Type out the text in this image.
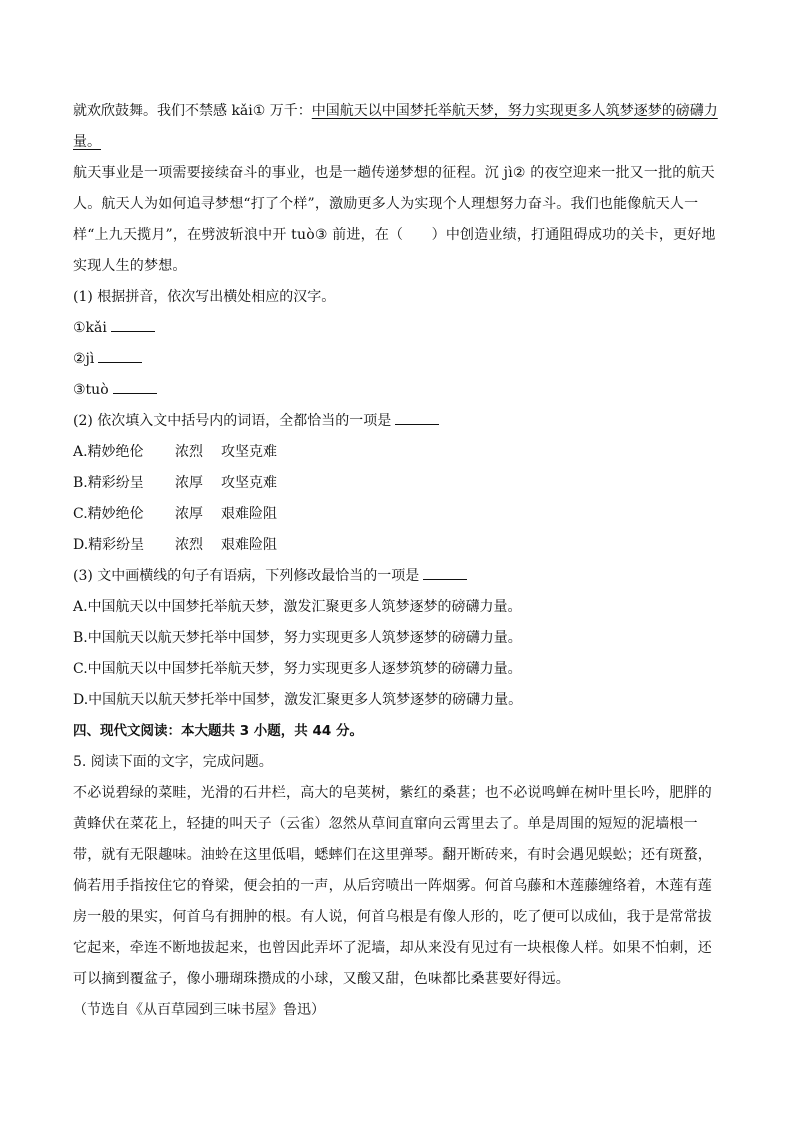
就欢欣鼓舞。我们不禁感 kǎi① 万千：中国航天以中国梦托举航天梦，努力实现更多人筑梦逐梦的磅礴力

量。

航天事业是一项需要接续奋斗的事业，也是一趟传递梦想的征程。沉 jì② 的夜空迎来一批又一批的航天人。航天人为如何追寻梦想“打了个样”，激励更多人为实现个人理想努力奋斗。我们也能像航天人一样“上九天揽月”，在劈波斩浪中开 tuò③ 前进，在（　　）中创造业绩，打通阻碍成功的关卡，更好地实现人生的梦想。

(1) 根据拼音，依次写出横处相应的汉字。

①kǎi

②jì

③tuò

(2) 依次填入文中括号内的词语，全都恰当的一项是

A.精妙绝伦 浓烈 攻坚克难

B.精彩纷呈 浓厚 攻坚克难

C.精妙绝伦 浓厚 艰难险阻

D.精彩纷呈 浓烈 艰难险阻

(3) 文中画横线的句子有语病，下列修改最恰当的一项是

A.中国航天以中国梦托举航天梦，激发汇聚更多人筑梦逐梦的磅礴力量。

B.中国航天以航天梦托举中国梦，努力实现更多人筑梦逐梦的磅礴力量。

C.中国航天以中国梦托举航天梦，努力实现更多人逐梦筑梦的磅礴力量。

D.中国航天以航天梦托举中国梦，激发汇聚更多人筑梦逐梦的磅礴力量。

四、现代文阅读：本大题共 3 小题，共 44 分。

5. 阅读下面的文字，完成问题。

不必说碧绿的菜畦，光滑的石井栏，高大的皂荚树，紫红的桑葚；也不必说鸣蝉在树叶里长吟，肥胖的黄蜂伏在菜花上，轻捷的叫天子（云雀）忽然从草间直窜向云霄里去了。单是周围的短短的泥墙根一带，就有无限趣味。油蛉在这里低唱，蟋蟀们在这里弹琴。翻开断砖来，有时会遇见蜈蚣；还有斑蝥，倘若用手指按住它的脊梁，便会拍的一声，从后窍喷出一阵烟雾。何首乌藤和木莲藤缠络着，木莲有莲房一般的果实，何首乌有拥肿的根。有人说，何首乌根是有像人形的，吃了便可以成仙，我于是常常拔它起来，牵连不断地拔起来，也曾因此弄坏了泥墙，却从来没有见过有一块根像人样。如果不怕刺，还可以摘到覆盆子，像小珊瑚珠攒成的小球，又酸又甜，色味都比桑葚要好得远。

（节选自《从百草园到三味书屋》鲁迅）
